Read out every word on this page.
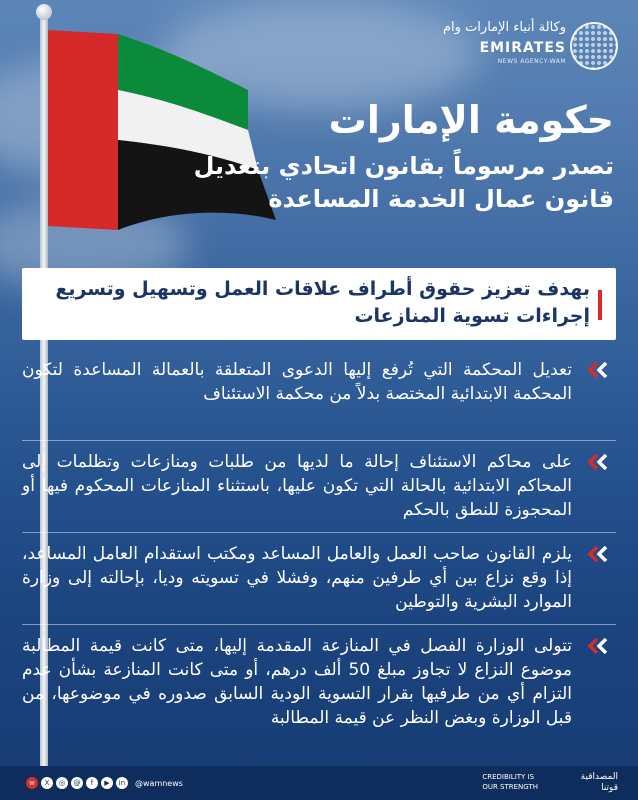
وكالة أنباء الإمارات وام
EMIRATES
NEWS AGENCY-WAM
حكومة الإمارات
تصدر مرسوماً بقانون اتحادي بتعديل قانون عمال الخدمة المساعدة
بهدف تعزيز حقوق أطراف علاقات العمل وتسهيل وتسريع إجراءات تسوية المنازعات
تعديل المحكمة التي تُرفع إليها الدعوى المتعلقة بالعمالة المساعدة لتكون المحكمة الابتدائية المختصة بدلاً من محكمة الاستئناف
على محاكم الاستئناف إحالة ما لديها من طلبات ومنازعات وتظلمات إلى المحاكم الابتدائية بالحالة التي تكون عليها، باستثناء المنازعات المحكوم فيها أو المحجوزة للنطق بالحكم
يلزم القانون صاحب العمل والعامل المساعد ومكتب استقدام العامل المساعد، إذا وقع نزاع بين أي طرفين منهم، وفشلا في تسويته وديا، بإحالته إلى وزارة الموارد البشرية والتوطين
تتولى الوزارة الفصل في المنازعة المقدمة إليها، متى كانت قيمة المطالبة موضوع النزاع لا تجاوز مبلغ 50 ألف درهم، أو متى كانت المنازعة بشأن عدم التزام أي من طرفيها بقرار التسوية الودية السابق صدوره في موضوعها، من قبل الوزارة وبغض النظر عن قيمة المطالبة
w	X	◎	@	f	▶	in	@wamnews
CREDIBILITY IS
OUR STRENGTH
المصداقية
قوتنا
